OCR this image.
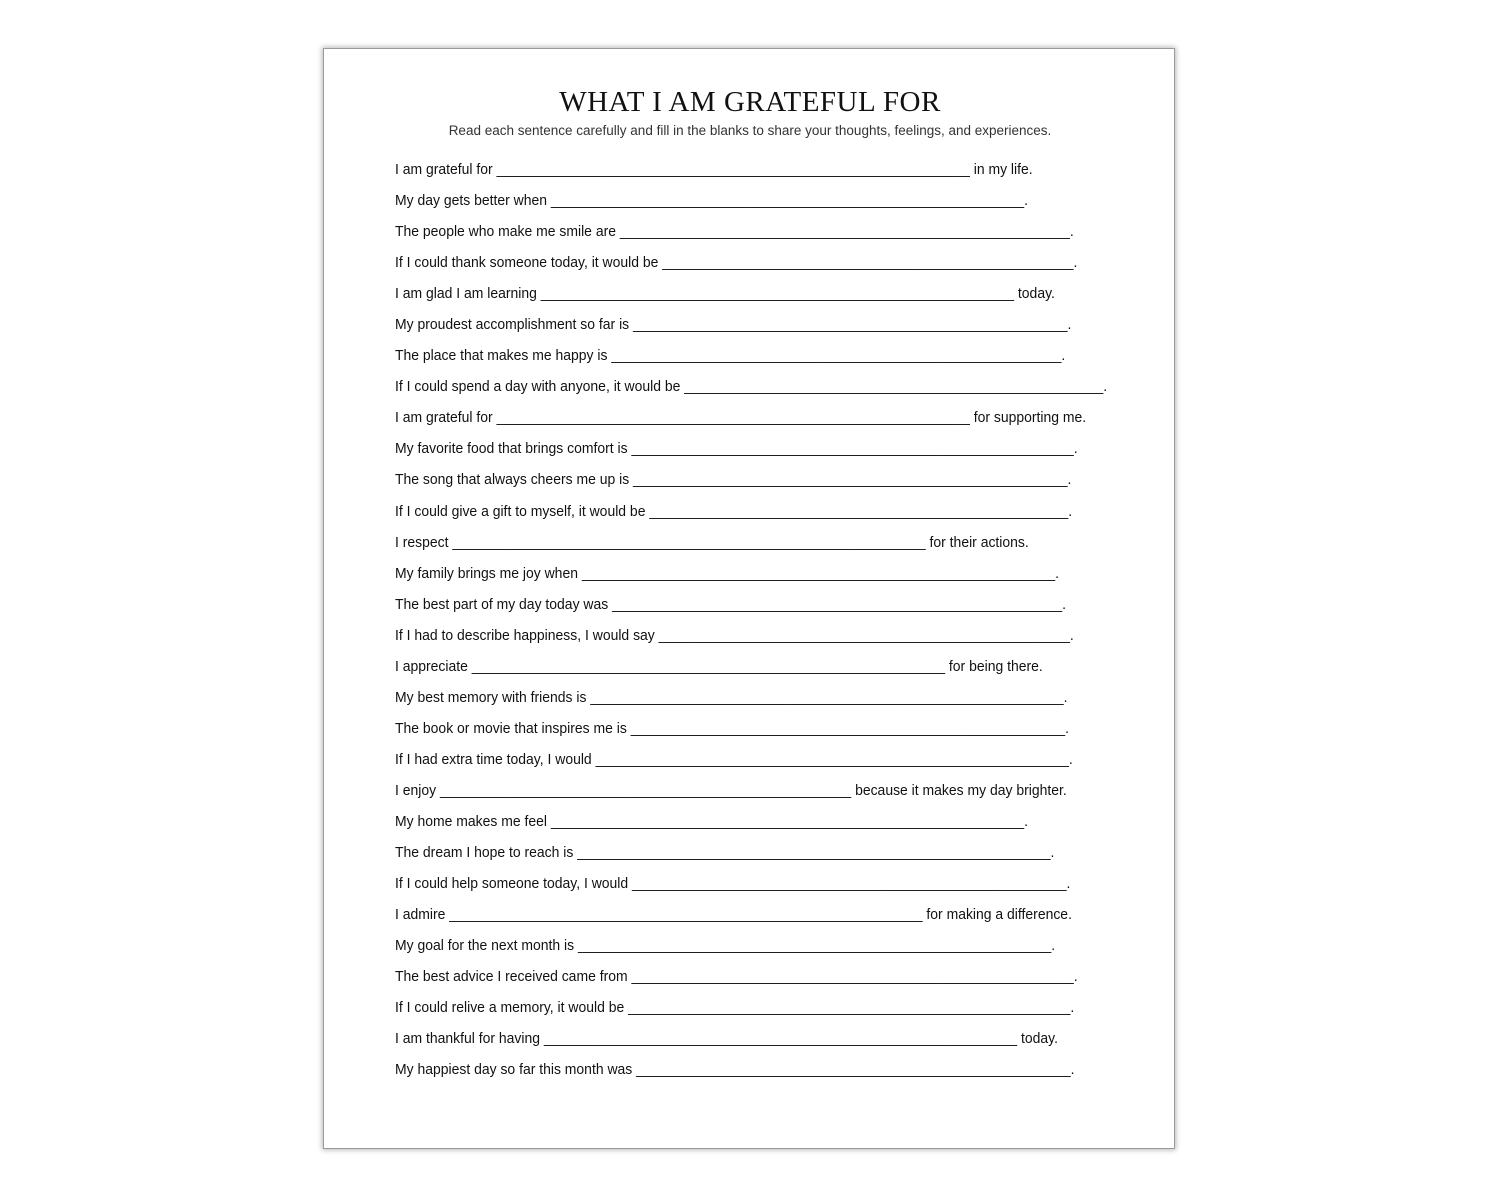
WHAT I AM GRATEFUL FOR

Read each sentence carefully and fill in the blanks to share your thoughts, feelings, and experiences.

I am grateful for _____________________________________________________________ in my life.
My day gets better when _____________________________________________________________.
The people who make me smile are __________________________________________________________.
If I could thank someone today, it would be _____________________________________________________.
I am glad I am learning _____________________________________________________________ today.
My proudest accomplishment so far is ________________________________________________________.
The place that makes me happy is __________________________________________________________.
If I could spend a day with anyone, it would be ______________________________________________________.
I am grateful for _____________________________________________________________ for supporting me.
My favorite food that brings comfort is _________________________________________________________.
The song that always cheers me up is ________________________________________________________.
If I could give a gift to myself, it would be ______________________________________________________.
I respect _____________________________________________________________ for their actions.
My family brings me joy when _____________________________________________________________.
The best part of my day today was __________________________________________________________.
If I had to describe happiness, I would say _____________________________________________________.
I appreciate _____________________________________________________________ for being there.
My best memory with friends is _____________________________________________________________.
The book or movie that inspires me is ________________________________________________________.
If I had extra time today, I would _____________________________________________________________.
I enjoy _____________________________________________________ because it makes my day brighter.
My home makes me feel _____________________________________________________________.
The dream I hope to reach is _____________________________________________________________.
If I could help someone today, I would ________________________________________________________.
I admire _____________________________________________________________ for making a difference.
My goal for the next month is _____________________________________________________________.
The best advice I received came from _________________________________________________________.
If I could relive a memory, it would be _________________________________________________________.
I am thankful for having _____________________________________________________________ today.
My happiest day so far this month was ________________________________________________________.
